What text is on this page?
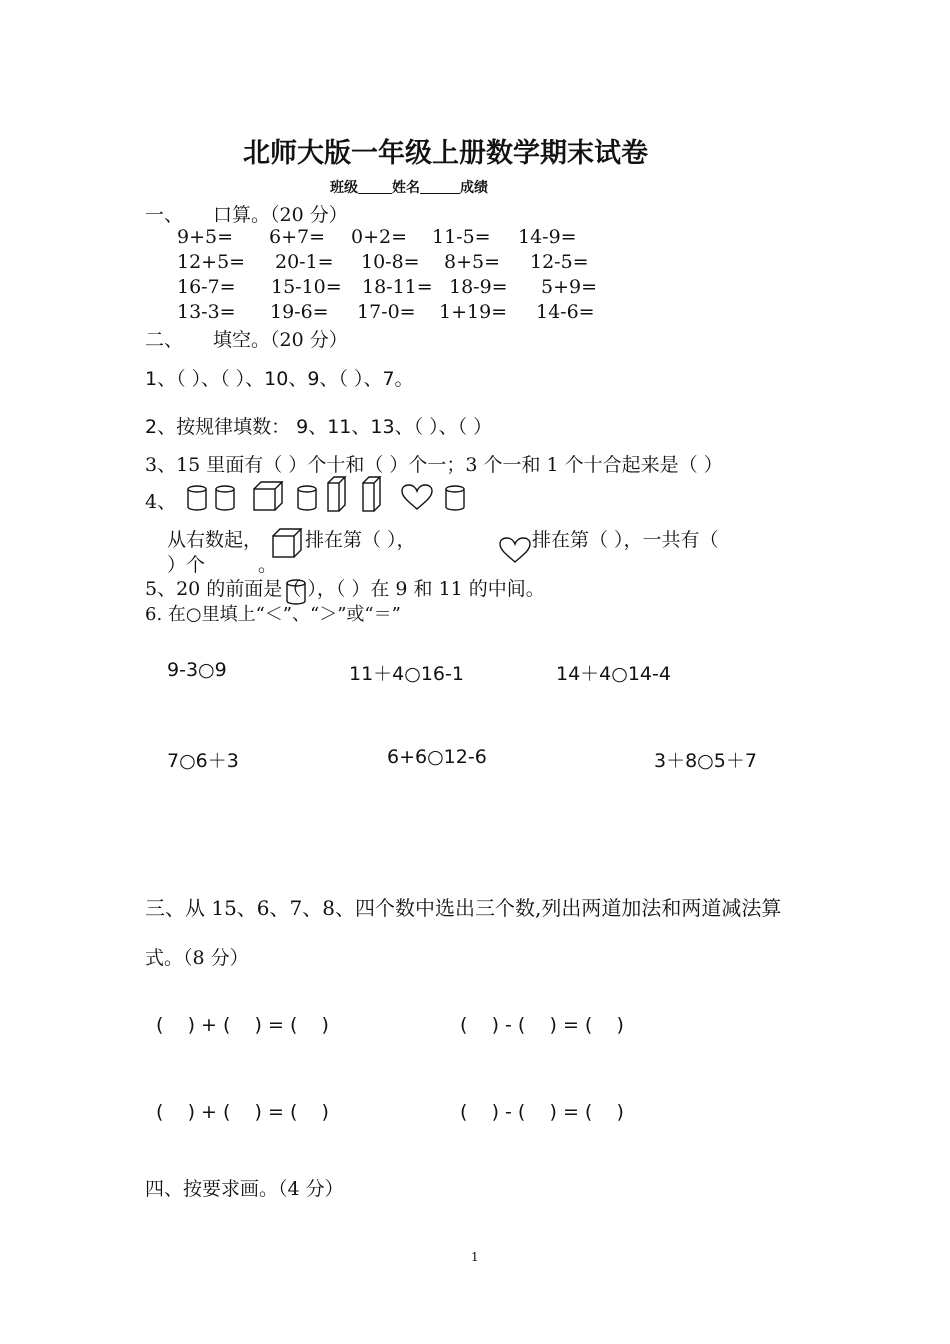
北师大版一年级上册数学期末试卷
班级 姓名	成绩
一、 口算。（20 分）
9+5= 6+7= 0+2= 11-5= 14-9=
12+5= 20-1= 10-8= 8+5= 12-5=
16-7= 15-10= 18-11= 18-9= 5+9=
13-3= 19-6= 17-0= 1+19= 14-6=
二、 填空。（20 分）
1、（ ）、（ ）、10、9、（ ）、7。
2、按规律填数： 9、11、13、（ ）、（ ）
3、15 里面有（ ）个十和（ ）个一；3 个一和 1 个十合起来是（ ）
4、
从右数起， 排在第（ ），	排在第（ ），一共有（
）个	。
5、20 的前面是（ ），（ ）在 9 和 11 的中间。
6. 在○里填上“＜”、“＞”或“＝”
9-3○9	11＋4○16-1	14＋4○14-4
7○6＋3	6+6○12-6	3＋8○5＋7
三、从 15、6、7、8、四个数中选出三个数,列出两道加法和两道减法算
式。（8 分）
(    ) + (    ) = (    )	(    ) - (    ) = (    )
(    ) + (    ) = (    )	(    ) - (    ) = (    )
四、按要求画。（4 分）
1
